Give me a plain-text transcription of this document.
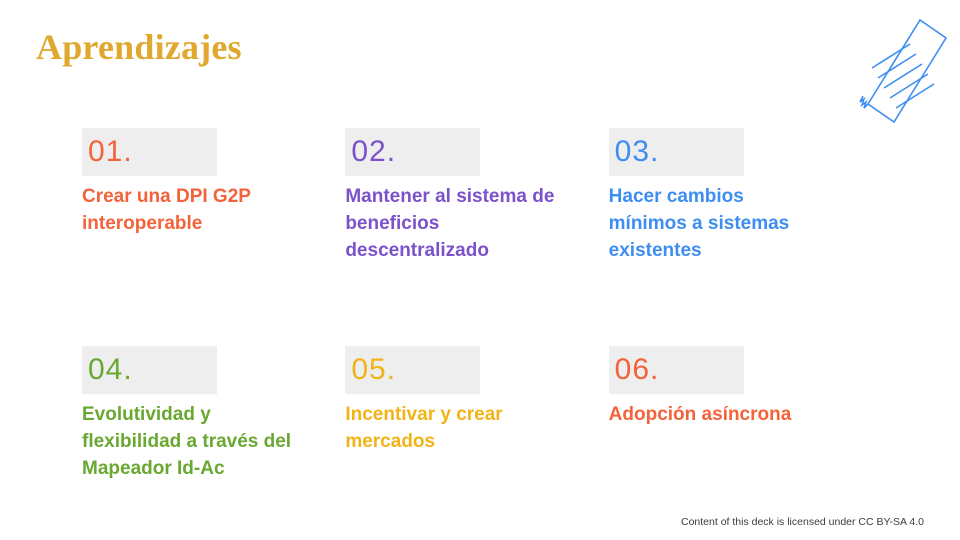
Aprendizajes
01.
Crear una DPI G2P interoperable
02.
Mantener al sistema de beneficios descentralizado
03.
Hacer cambios mínimos a sistemas existentes
04.
Evolutividad y flexibilidad a través del Mapeador Id-Ac
05.
Incentivar y crear mercados
06.
Adopción asíncrona
Content of this deck is licensed under CC BY-SA 4.0
